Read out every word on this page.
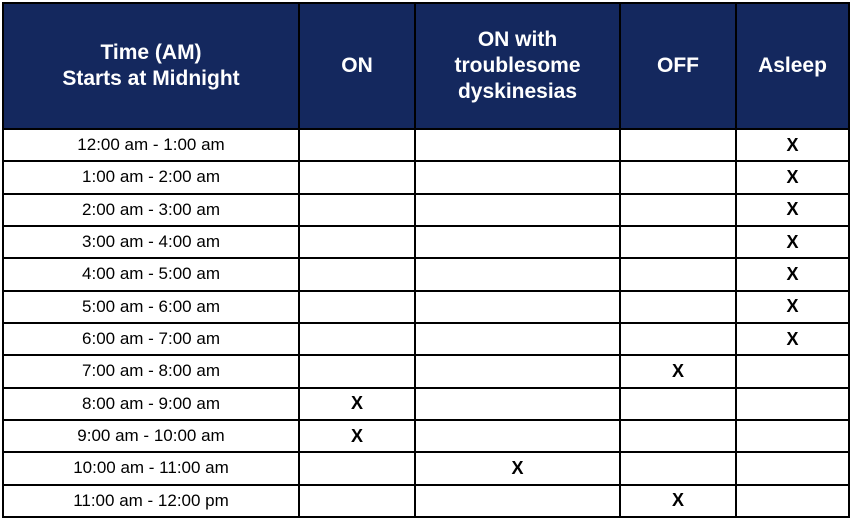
Time (AM)
Starts at Midnight	ON	ON with
troublesome
dyskinesias	OFF	Asleep
12:00 am - 1:00 am				X
1:00 am - 2:00 am				X
2:00 am - 3:00 am				X
3:00 am - 4:00 am				X
4:00 am - 5:00 am				X
5:00 am - 6:00 am				X
6:00 am - 7:00 am				X
7:00 am - 8:00 am			X	
8:00 am - 9:00 am	X			
9:00 am - 10:00 am	X			
10:00 am - 11:00 am		X		
11:00 am - 12:00 pm			X	
